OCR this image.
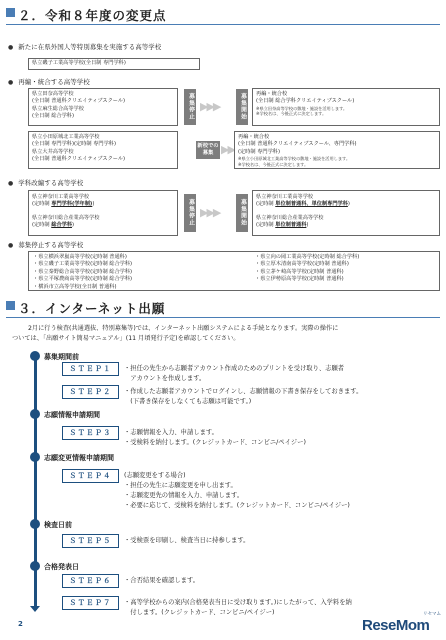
２．令和８年度の変更点
● 新たに在県外国人等特別募集を実施する高等学校
県立磯子工業高等学校(全日制 専門学科)
● 再編・統合する高等学校
県立田奈高等学校
(全日制 普通科クリエイティブスクール)
県立麻生総合高等学校
(全日制 総合学科)	募集停止 ▶▶▶	募集開始	再編・統合校
(全日制 総合学科クリエイティブスクール)
※県立田奈高等学校の敷地・施設を活用します。
※学校名は、今後正式に決定します。
県立小田原城北工業高等学校
(全日制 専門学科)(定時制 専門学科)
県立大井高等学校
(全日制 普通科クリエイティブスクール)
新校での募集 ▶▶
再編・統合校
(全日制 普通科クリエイティブスクール、専門学科)
(定時制 専門学科)
※県立小田原城北工業高等学校の敷地・施設を活用します。
※学校名は、今後正式に決定します。
● 学科改編する高等学校
県立神奈川工業高等学校
(定時制 専門学科(学年制))
県立神奈川総合産業高等学校
(定時制 総合学科)	募集停止 ▶▶▶	募集開始
県立神奈川工業高等学校
(定時制 単位制普通科、単位制専門学科)
県立神奈川総合産業高等学校
(定時制 単位制普通科)
● 募集停止する高等学校
・県立横浜翠嵐高等学校(定時制 普通科)
・県立磯子工業高等学校(定時制 総合学科)
・県立秦野総合高等学校(定時制 総合学科)
・県立平塚農商高等学校(定時制 総合学科)
・横浜市立高等学校(全日制 普通科)
・県立向の岡工業高等学校(定時制 総合学科)
・県立厚木清南高等学校(定時制 普通科)
・県立茅ケ崎高等学校(定時制 普通科)
・県立伊勢原高等学校(定時制 普通科)
３．インターネット出願
2月に行う検査(共通選抜、特別募集等)では、インターネット出願システムによる手続となります。実際の操作に
ついては、「出願サイト簡易マニュアル」(11 月頃発行予定)を確認してください。
募集期間前
志願情報申請期間
志願変更情報申請期間
検査日前
合格発表日
ＳＴＥＰ１	・担任の先生から志願者アカウント作成のためのプリントを受け取り、志願者
　アカウントを作成します。
ＳＴＥＰ２	・作成した志願者アカウントでログインし、志願情報の下書き保存をしておきます。
　(下書き保存をしなくても志願は可能です。)
ＳＴＥＰ３	・志願情報を入力、申請します。
・受検料を納付します。(クレジットカード、コンビニ/ペイジー)
ＳＴＥＰ４	(志願変更をする場合)
・担任の先生に志願変更を申し出ます。
・志願変更先の情報を入力、申請します。
・必要に応じて、受検料を納付します。(クレジットカード、コンビニ/ペイジー)
ＳＴＥＰ５	・受検票を印刷し、検査当日に持参します。
ＳＴＥＰ６	・合否結果を確認します。
ＳＴＥＰ７	・高等学校からの案内(合格発表当日に受け取ります。)にしたがって、入学料を納
　付します。(クレジットカード、コンビニ/ペイジー)
2	ReseMom
リセマム
